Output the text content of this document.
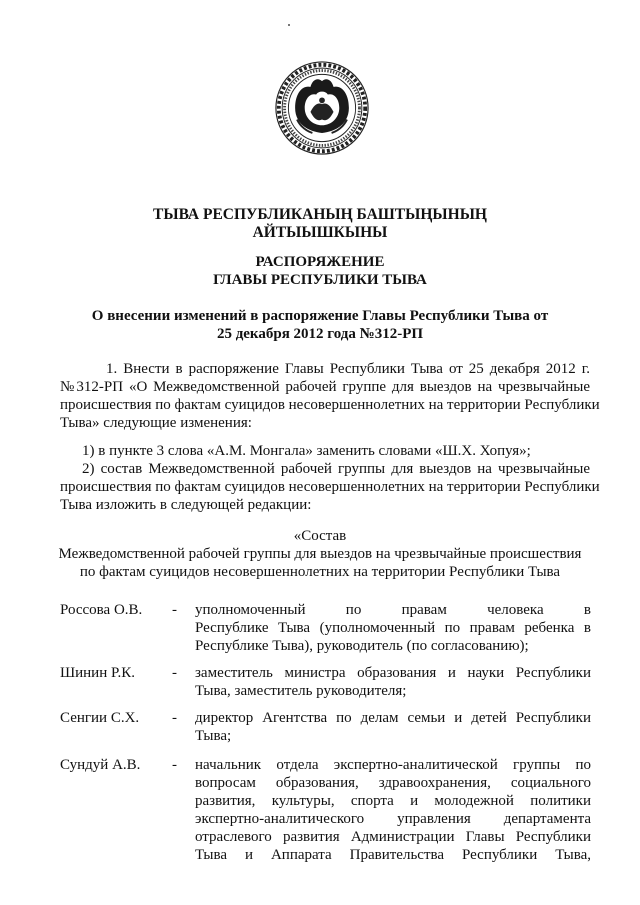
ТЫВА РЕСПУБЛИКАНЫҢ БАШТЫҢЫНЫҢ
АЙТЫЫШКЫНЫ
РАСПОРЯЖЕНИЕ
ГЛАВЫ РЕСПУБЛИКИ ТЫВА
О внесении изменений в распоряжение Главы Республики Тыва от
25 декабря 2012 года №312-РП
1. Внести в распоряжение Главы Республики Тыва от 25 декабря 2012 г.
№312-РП «О Межведомственной рабочей группе для выездов на чрезвычайные
происшествия по фактам суицидов несовершеннолетних на территории Республики
Тыва» следующие изменения:
1) в пункте 3 слова «А.М. Монгала» заменить словами «Ш.Х. Хопуя»;
2) состав Межведомственной рабочей группы для выездов на чрезвычайные
происшествия по фактам суицидов несовершеннолетних на территории Республики
Тыва изложить в следующей редакции:
«Состав
Межведомственной рабочей группы для выездов на чрезвычайные происшествия
по фактам суицидов несовершеннолетних на территории Республики Тыва
Россова О.В. - уполномоченный по правам человека в
Республике Тыва (уполномоченный по правам ребенка в
Республике Тыва), руководитель (по согласованию);
Шинин Р.К. - заместитель министра образования и науки Республики
Тыва, заместитель руководителя;
Сенгии С.Х. - директор Агентства по делам семьи и детей Республики
Тыва;
Сундуй А.В. - начальник отдела экспертно-аналитической группы по
вопросам образования, здравоохранения, социального
развития, культуры, спорта и молодежной политики
экспертно-аналитического управления департамента
отраслевого развития Администрации Главы Республики
Тыва и Аппарата Правительства Республики Тыва,
